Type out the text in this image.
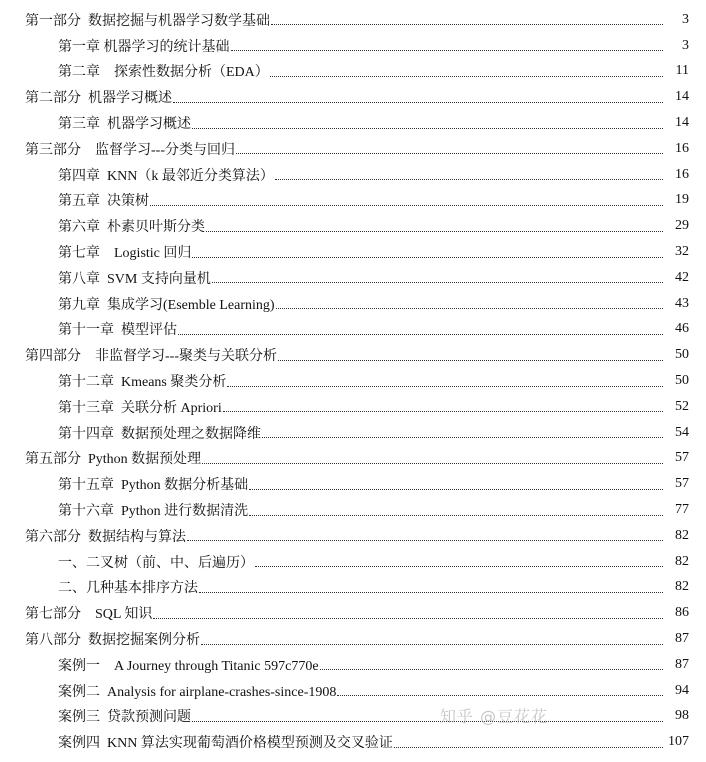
第一部分  数据挖掘与机器学习数学基础	3
第一章 机器学习的统计基础	3
第二章    探索性数据分析（EDA）	11
第二部分  机器学习概述	14
第三章  机器学习概述	14
第三部分    监督学习---分类与回归	16
第四章  KNN（k 最邻近分类算法）	16
第五章  决策树	19
第六章  朴素贝叶斯分类	29
第七章    Logistic 回归	32
第八章  SVM 支持向量机	42
第九章  集成学习(Esemble Learning)	43
第十一章  模型评估	46
第四部分    非监督学习---聚类与关联分析	50
第十二章  Kmeans 聚类分析	50
第十三章  关联分析 Apriori	52
第十四章  数据预处理之数据降维	54
第五部分  Python 数据预处理	57
第十五章  Python 数据分析基础	57
第十六章  Python 进行数据清洗	77
第六部分  数据结构与算法	82
一、二叉树（前、中、后遍历）	82
二、几种基本排序方法	82
第七部分    SQL 知识	86
第八部分  数据挖掘案例分析	87
案例一    A Journey through Titanic 597c770e	87
案例二  Analysis for airplane-crashes-since-1908	94
案例三  贷款预测问题	98
案例四  KNN 算法实现葡萄酒价格模型预测及交叉验证	107
知乎 @豆花花
